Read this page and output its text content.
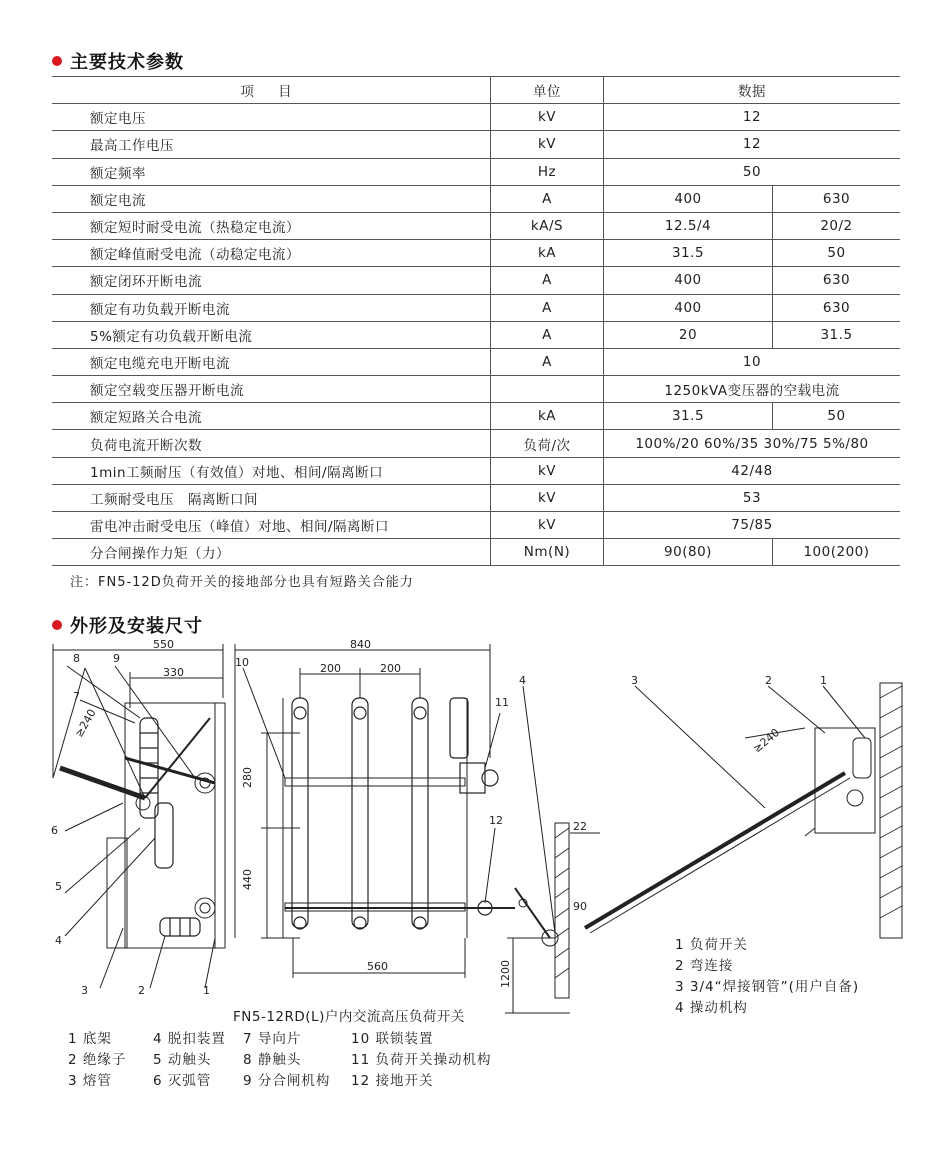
主要技术参数
项 目	单位	数据	
额定电压	kV	12	
最高工作电压	kV	12	
额定频率	Hz	50	
额定电流	A	400	630
额定短时耐受电流（热稳定电流）	kA/S	12.5/4	20/2
额定峰值耐受电流（动稳定电流）	kA	31.5	50
额定闭环开断电流	A	400	630
额定有功负载开断电流	A	400	630
5%额定有功负载开断电流	A	20	31.5
额定电缆充电开断电流	A	10	
额定空载变压器开断电流		1250kVA变压器的空载电流	
额定短路关合电流	kA	31.5	50
负荷电流开断次数	负荷/次	100%/20 60%/35 30%/75 5%/80	
1min工频耐压（有效值）对地、相间/隔离断口	kV	42/48	
工频耐受电压　隔离断口间	kV	53	
雷电冲击耐受电压（峰值）对地、相间/隔离断口	kV	75/85	
分合闸操作力矩（力）	Nm(N)	90(80)	100(200)
注：FN5-12D负荷开关的接地部分也具有短路关合能力
外形及安装尺寸
550
330
≥240
8	9
7
6
5
4
3	2	1
840
200	200
280
440
560
10
11
12	22
90
1200
≥240
4	3	2	1
FN5-12RD(L)户内交流高压负荷开关
1 底架
2 绝缘子
3 熔管
4 脱扣装置
5 动触头
6 灭弧管
7 导向片
8 静触头
9 分合闸机构
10 联锁装置
11 负荷开关操动机构
12 接地开关
1 负荷开关
2 弯连接
3 3/4“焊接钢管”(用户自备)
4 操动机构
